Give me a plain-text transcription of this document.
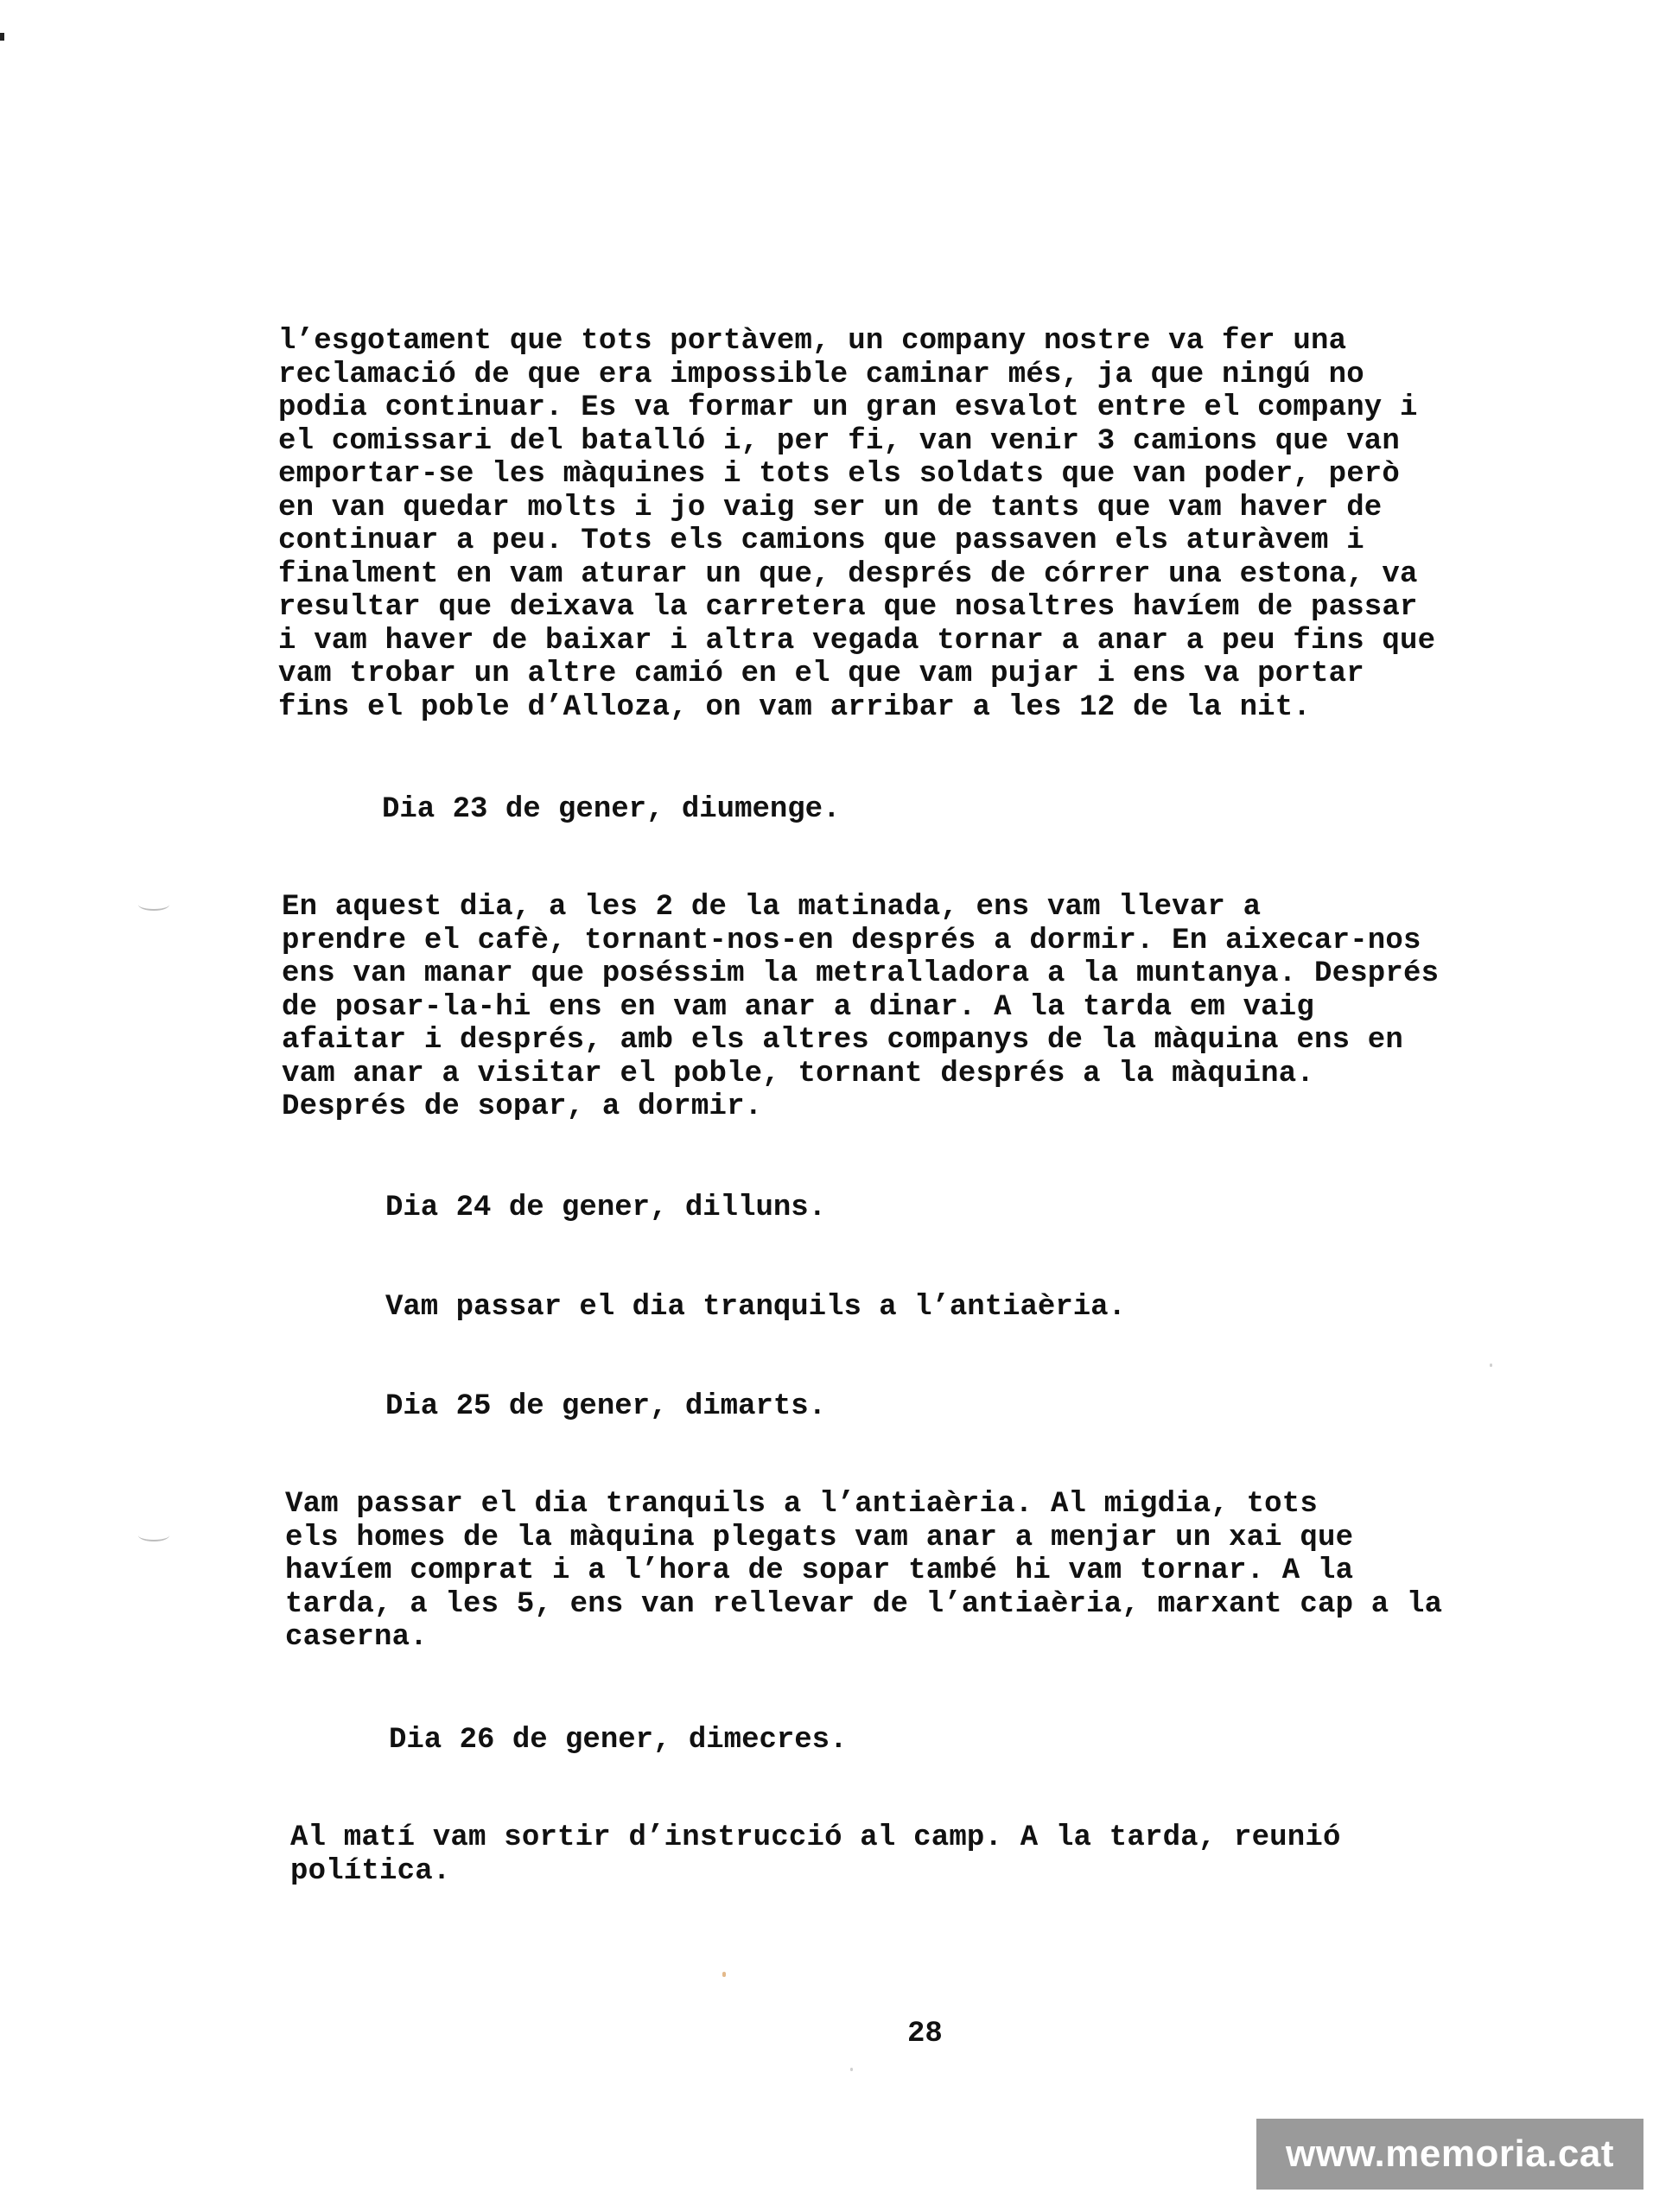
l’esgotament que tots portàvem, un company nostre va fer una
reclamació de que era impossible caminar més, ja que ningú no
podia continuar. Es va formar un gran esvalot entre el company i
el comissari del batalló i, per fi, van venir 3 camions que van
emportar-se les màquines i tots els soldats que van poder, però
en van quedar molts i jo vaig ser un de tants que vam haver de
continuar a peu. Tots els camions que passaven els aturàvem i
finalment en vam aturar un que, després de córrer una estona, va
resultar que deixava la carretera que nosaltres havíem de passar
i vam haver de baixar i altra vegada tornar a anar a peu fins que
vam trobar un altre camió en el que vam pujar i ens va portar
fins el poble d’Alloza, on vam arribar a les 12 de la nit.
Dia 23 de gener, diumenge.
En aquest dia, a les 2 de la matinada, ens vam llevar a
prendre el cafè, tornant-nos-en després a dormir. En aixecar-nos
ens van manar que poséssim la metralladora a la muntanya. Després
de posar-la-hi ens en vam anar a dinar. A la tarda em vaig
afaitar i després, amb els altres companys de la màquina ens en
vam anar a visitar el poble, tornant després a la màquina.
Després de sopar, a dormir.
Dia 24 de gener, dilluns.
Vam passar el dia tranquils a l’antiaèria.
Dia 25 de gener, dimarts.
Vam passar el dia tranquils a l’antiaèria. Al migdia, tots
els homes de la màquina plegats vam anar a menjar un xai que
havíem comprat i a l’hora de sopar també hi vam tornar. A la
tarda, a les 5, ens van rellevar de l’antiaèria, marxant cap a la
caserna.
Dia 26 de gener, dimecres.
Al matí vam sortir d’instrucció al camp. A la tarda, reunió
política.
28
www.memoria.cat
